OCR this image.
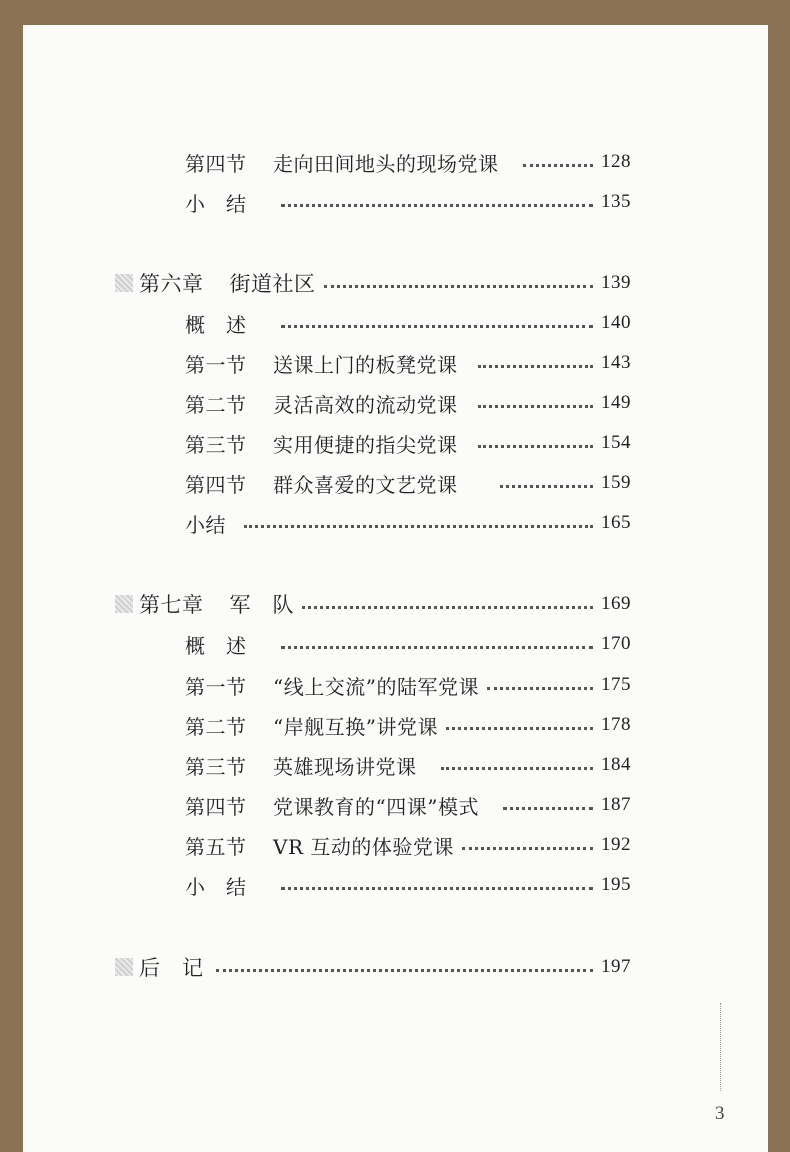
第四节	走向田间地头的现场党课	128
小　结	135
第六章 街道社区	139
概　述	140
第一节	送课上门的板凳党课	143
第二节	灵活高效的流动党课	149
第三节	实用便捷的指尖党课	154
第四节	群众喜爱的文艺党课	159
小结	165
第七章 军　队	169
概　述	170
第一节	“线上交流”的陆军党课	175
第二节	“岸舰互换”讲党课	178
第三节	英雄现场讲党课	184
第四节	党课教育的“四课”模式	187
第五节	VR 互动的体验党课	192
小　结	195
后　记	197
3
